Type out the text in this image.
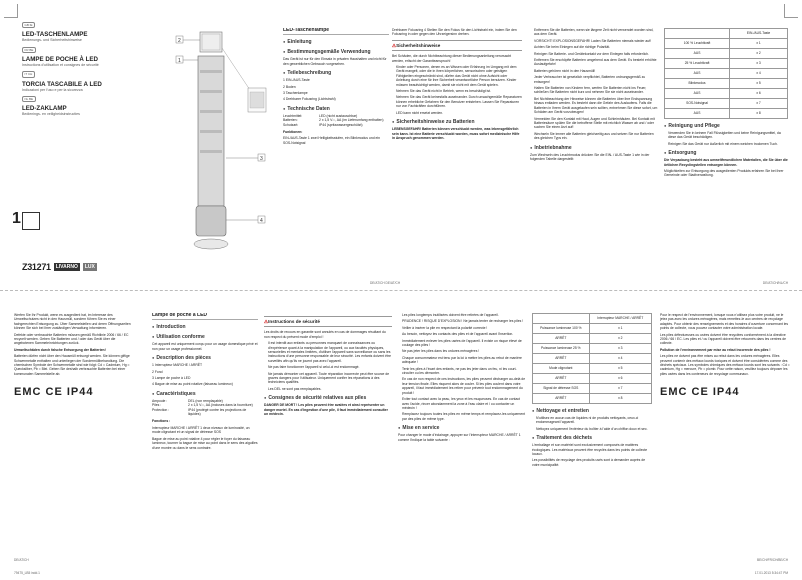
GB IE
LED-TASCHENLAMPE
Bedienungs- und Sicherheitshinweise
FR BE
LAMPE DE POCHE À LED
Instructions d'utilisation et consignes de sécurité
IT CH
TORCIA TASCABILE A LED
Indicazioni per l'uso e per la sicurezza
NL BE
LED-ZAKLAMP
Bedienings- en veiligheidsinstructies
1
Z31271	LIVARNO	LUX
3
4
1
2
LED-Taschenlampe
● Einleitung
● Bestimmungsgemäße Verwendung
Das Gerät ist nur für den Einsatz in privaten Haushalten und nicht für den gewerblichen Gebrauch vorgesehen.
● Teilebeschreibung
1 EIN-/AUS-Taste
2 Boden
3 Taschenlampe
4 Drehbarer Fokusring (Lichtstrahl)
● Technische Daten
Leuchtmittel:	LED (nicht austauschbar)
Batterien:	2 x 1,5 V⎓, AA (im Lieferumfang enthalten)
Schutzart:	IP44 (spritzwassergeschützt)
Funktionen:
EIN-/AUS-Taste 1 zwei Helligkeitsstufen, ein Blinkmodus und ein SOS-Notsignal
Drehbarer Fokusring 4 Stellen Sie den Fokus für den Lichtstrahl ein, indem Sie den Fokusring in oder gegen den Uhrzeigersinn drehen.
⚠ Sicherheitshinweise
Bei Schäden, die durch Nichtbeachtung dieser Bedienungsanleitung verursacht werden, erlischt der Garantieanspruch!
Kinder oder Personen, denen es an Wissen oder Erfahrung im Umgang mit dem Gerät mangelt, oder die in ihren körperlichen, sensorischen oder geistigen Fähigkeiten eingeschränkt sind, dürfen das Gerät nicht ohne Aufsicht oder Anleitung durch eine für ihre Sicherheit verantwortliche Person benutzen. Kinder müssen beaufsichtigt werden, damit sie nicht mit dem Gerät spielen.
Nehmen Sie das Gerät nicht in Betrieb, wenn es beschädigt ist.
Nehmen Sie das Gerät keinesfalls auseinander. Durch unsachgemäße Reparaturen können erhebliche Gefahren für den Benutzer entstehen. Lassen Sie Reparaturen nur von Fachkräften durchführen.
LED kann nicht ersetzt werden.
● Sicherheitshinweise zu Batterien
LEBENSGEFAHR! Batterien können verschluckt werden, was lebensgefährlich sein kann. Ist eine Batterie verschluckt worden, muss sofort medizinische Hilfe in Anspruch genommen werden.
Entfernen Sie die Batterien, wenn sie längere Zeit nicht verwendet worden sind, aus dem Gerät.
VORSICHT! EXPLOSIONSGEFAHR! Laden Sie Batterien niemals wieder auf!
Achten Sie beim Einlegen auf die richtige Polarität.
Reinigen Sie Batterie- und Gerätekontakt vor dem Einlegen falls erforderlich.
Entfernen Sie erschöpfte Batterien umgehend aus dem Gerät. Es besteht erhöhte Auslaufgefahr!
Batterien gehören nicht in den Hausmüll!
Jeder Verbraucher ist gesetzlich verpflichtet, Batterien ordnungsgemäß zu entsorgen!
Halten Sie Batterien von Kindern fern, werfen Sie Batterien nicht ins Feuer, schließen Sie Batterien nicht kurz und nehmen Sie sie nicht auseinander.
Bei Nichtbeachtung der Hinweise können die Batterien über ihre Endspannung hinaus entladen werden. Es besteht dann die Gefahr des Auslaufens. Falls die Batterien in Ihrem Gerät ausgelaufen sein sollten, entnehmen Sie diese sofort, um Schäden am Gerät vorzubeugen!
Vermeiden Sie den Kontakt mit Haut, Augen und Schleimhäuten. Bei Kontakt mit Batteriesäure spülen Sie die betroffene Stelle mit reichlich Wasser ab und / oder suchen Sie einen Arzt auf!
Wechseln Sie immer alle Batterien gleichzeitig aus und setzen Sie nur Batterien des gleichen Typs ein.
● Inbetriebnahme
Zum Wechseln des Leuchtmodus drücken Sie die EIN- / AUS-Taste 1 wie in der folgenden Tabelle dargestellt:
	EIN-/AUS-Taste
100 % Leuchtkraft	x 1
AUS	x 2
25 % Leuchtkraft	x 3
AUS	x 4
Blinkmodus	x 5
AUS	x 6
SOS-Notsignal	x 7
AUS	x 8
● Reinigung und Pflege
Verwenden Sie in keinem Fall Flüssigkeiten und keine Reinigungsmittel, da diese das Gerät beschädigen.
Reinigen Sie das Gerät nur äußerlich mit einem weichen trockenen Tuch.
● Entsorgung
Die Verpackung besteht aus umweltfreundlichen Materialien, die Sie über die örtlichen Recyclingstellen entsorgen können.
Möglichkeiten zur Entsorgung des ausgedienten Produkts erfahren Sie bei Ihrer Gemeinde oder Stadtverwaltung.
DE/AT/CH DE/AT/CH	DE/AT/CH/NL/CH
Werfen Sie Ihr Produkt, wenn es ausgedient hat, im Interesse des Umweltschutzes nicht in den Hausmüll, sondern führen Sie es einer fachgerechten Entsorgung zu. Über Sammelstellen und deren Öffnungszeiten können Sie sich bei Ihrer zuständigen Verwaltung informieren.
Defekte oder verbrauchte Batterien müssen gemäß Richtlinie 2006 / 66 / EC recycelt werden. Geben Sie Batterien und / oder das Gerät über die angebotenen Sammeleinrichtungen zurück.
Umweltschäden durch falsche Entsorgung der Batterien!
Batterien dürfen nicht über den Hausmüll entsorgt werden. Sie können giftige Schwermetalle enthalten und unterliegen der Sondermüllbehandlung. Die chemischen Symbole der Schwermetalle sind wie folgt: Cd = Cadmium, Hg = Quecksilber, Pb = Blei. Geben Sie deshalb verbrauchte Batterien bei einer kommunalen Sammelstelle ab.
EMC CE IP44
Lampe de poche à LED
● Introduction
● Utilisation conforme
Cet appareil est uniquement conçu pour un usage domestique privé et non pour un usage professionnel.
● Description des pièces
1 Interrupteur MARCHE / ARRÊT
2 Fond
3 Lampe de poche à LED
4 Bague de mise au point rotative (faisceau lumineux)
● Caractéristiques
Ampoule :	DEL (non remplaçable)
Piles :	2 x 1,5 V⎓, AA (incluses dans la fourniture)
Protection :	IP44 (protégé contre les projections de liquides)
Fonctions :
Interrupteur MARCHE / ARRÊT 1 deux niveaux de luminosité, un mode clignotant et un signal de détresse SOS
Bague de mise au point rotative 4 pour régler le foyer du faisceau lumineux, tourner la bague de mise au point dans le sens des aiguilles d'une montre ou dans le sens contraire.
⚠ Instructions de sécurité
Les droits de recours en garantie sont annulés en cas de dommages résultant du non respect du présent mode d'emploi !
Il est interdit aux enfants ou personnes manquant de connaissances ou d'expérience quant à la manipulation de l'appareil, ou aux facultés physiques, sensorielles et mentales limitées, d'utiliser l'appareil sans surveillance ou sans les instructions d'une personne responsable de leur sécurité. Les enfants doivent être surveillés afin qu'ils ne jouent pas avec l'appareil.
Ne pas faire fonctionner l'appareil si celui-ci est endommagé.
Ne jamais démonter cet appareil. Toute réparation incorrecte peut être source de graves dangers pour l'utilisateur. Uniquement confier les réparations à des techniciens qualifiés.
Les DEL ne sont pas remplaçables.
● Consignes de sécurité relatives aux piles
DANGER DE MORT ! Les piles peuvent être avalées et ainsi représenter un danger mortel. En cas d'ingestion d'une pile, il faut immédiatement consulter un médecin.
Les piles longtemps inutilisées doivent être retirées de l'appareil.
PRUDENCE ! RISQUE D'EXPLOSION ! Ne jamais tenter de recharger les piles !
Veiller à insérer la pile en respectant la polarité correcte !
Au besoin, nettoyez les contacts des piles et de l'appareil avant l'insertion.
Immédiatement enlever les piles usées de l'appareil. Il existe un risque élevé de coulage des piles !
Ne pas jeter les piles dans les ordures ménagères !
Chaque consommateur est tenu par la loi à mettre les piles au rebut de manière adéquate !
Tenir les piles à l'écart des enfants, ne pas les jeter dans un feu, ni les court-circuiter ou les démonter.
En cas de non respect de ces instructions, les piles peuvent décharger au-delà de leur tension finale. Elles risquent alors de couler. Si les piles coulent dans votre appareil, il faut immédiatement les retirer pour prévenir tout endommagement du produit !
Eviter tout contact avec la peau, les yeux et les muqueuses. En cas de contact avec l'acide, rincer abondamment la zone à l'eau claire et / ou contacter un médecin !
Remplacez toujours toutes les piles en même temps et remplacez-les uniquement par des piles de même type.
● Mise en service
Pour changer le mode d'éclairage, appuyer sur l'interrupteur MARCHE / ARRÊT 1 comme l'indique la table suivante :
	Interrupteur MARCHE / ARRÊT
Puissance lumineuse 100 %	x 1
ARRÊT	x 2
Puissance lumineuse 25 %	x 3
ARRÊT	x 4
Mode clignotant	x 5
ARRÊT	x 6
Signal de détresse SOS	x 7
ARRÊT	x 8
● Nettoyage et entretien
N'utilisez en aucun cas de liquides ni de produits nettoyants, ceux-ci endommageant l'appareil.
Nettoyez uniquement l'extérieur du boîtier à l'aide d'un chiffon doux et sec.
● Traitement des déchets
L'emballage et son matériel sont exclusivement composés de matières écologiques. Les matériaux peuvent être recyclés dans les points de collecte locaux.
Les possibilités de recyclage des produits usés sont à demander auprès de votre municipalité.
Pour le respect de l'environnement, lorsque vous n'utilisez plus votre produit, ne le jetez pas avec les ordures ménagères, mais remettez-le aux centres de recyclage adaptés. Pour obtenir des renseignements et des horaires d'ouverture concernant les points de collecte, vous pouvez contacter votre administration locale.
Les piles défectueuses ou usées doivent être recyclées conformément à la directive 2006 / 66 / EC. Les piles et / ou l'appareil doivent être retournés dans les centres de collecte.
Pollution de l'environnement par mise au rebut incorrecte des piles !
Les piles ne doivent pas être mises au rebut dans les ordures ménagères. Elles peuvent contenir des métaux lourds toxiques et doivent être considérées comme des déchets spéciaux. Les symboles chimiques des métaux lourds sont les suivants : Cd = cadmium, Hg = mercure, Pb = plomb. Pour cette raison, veuillez toujours déposer les piles usées dans les conteneurs de recyclage communaux.
EMC CE IP44
DE/AT/CH	BE/CH/FR/CH/BE/CH
79475_LB5 indd.1	17.01.2013 5:34:47 PM
